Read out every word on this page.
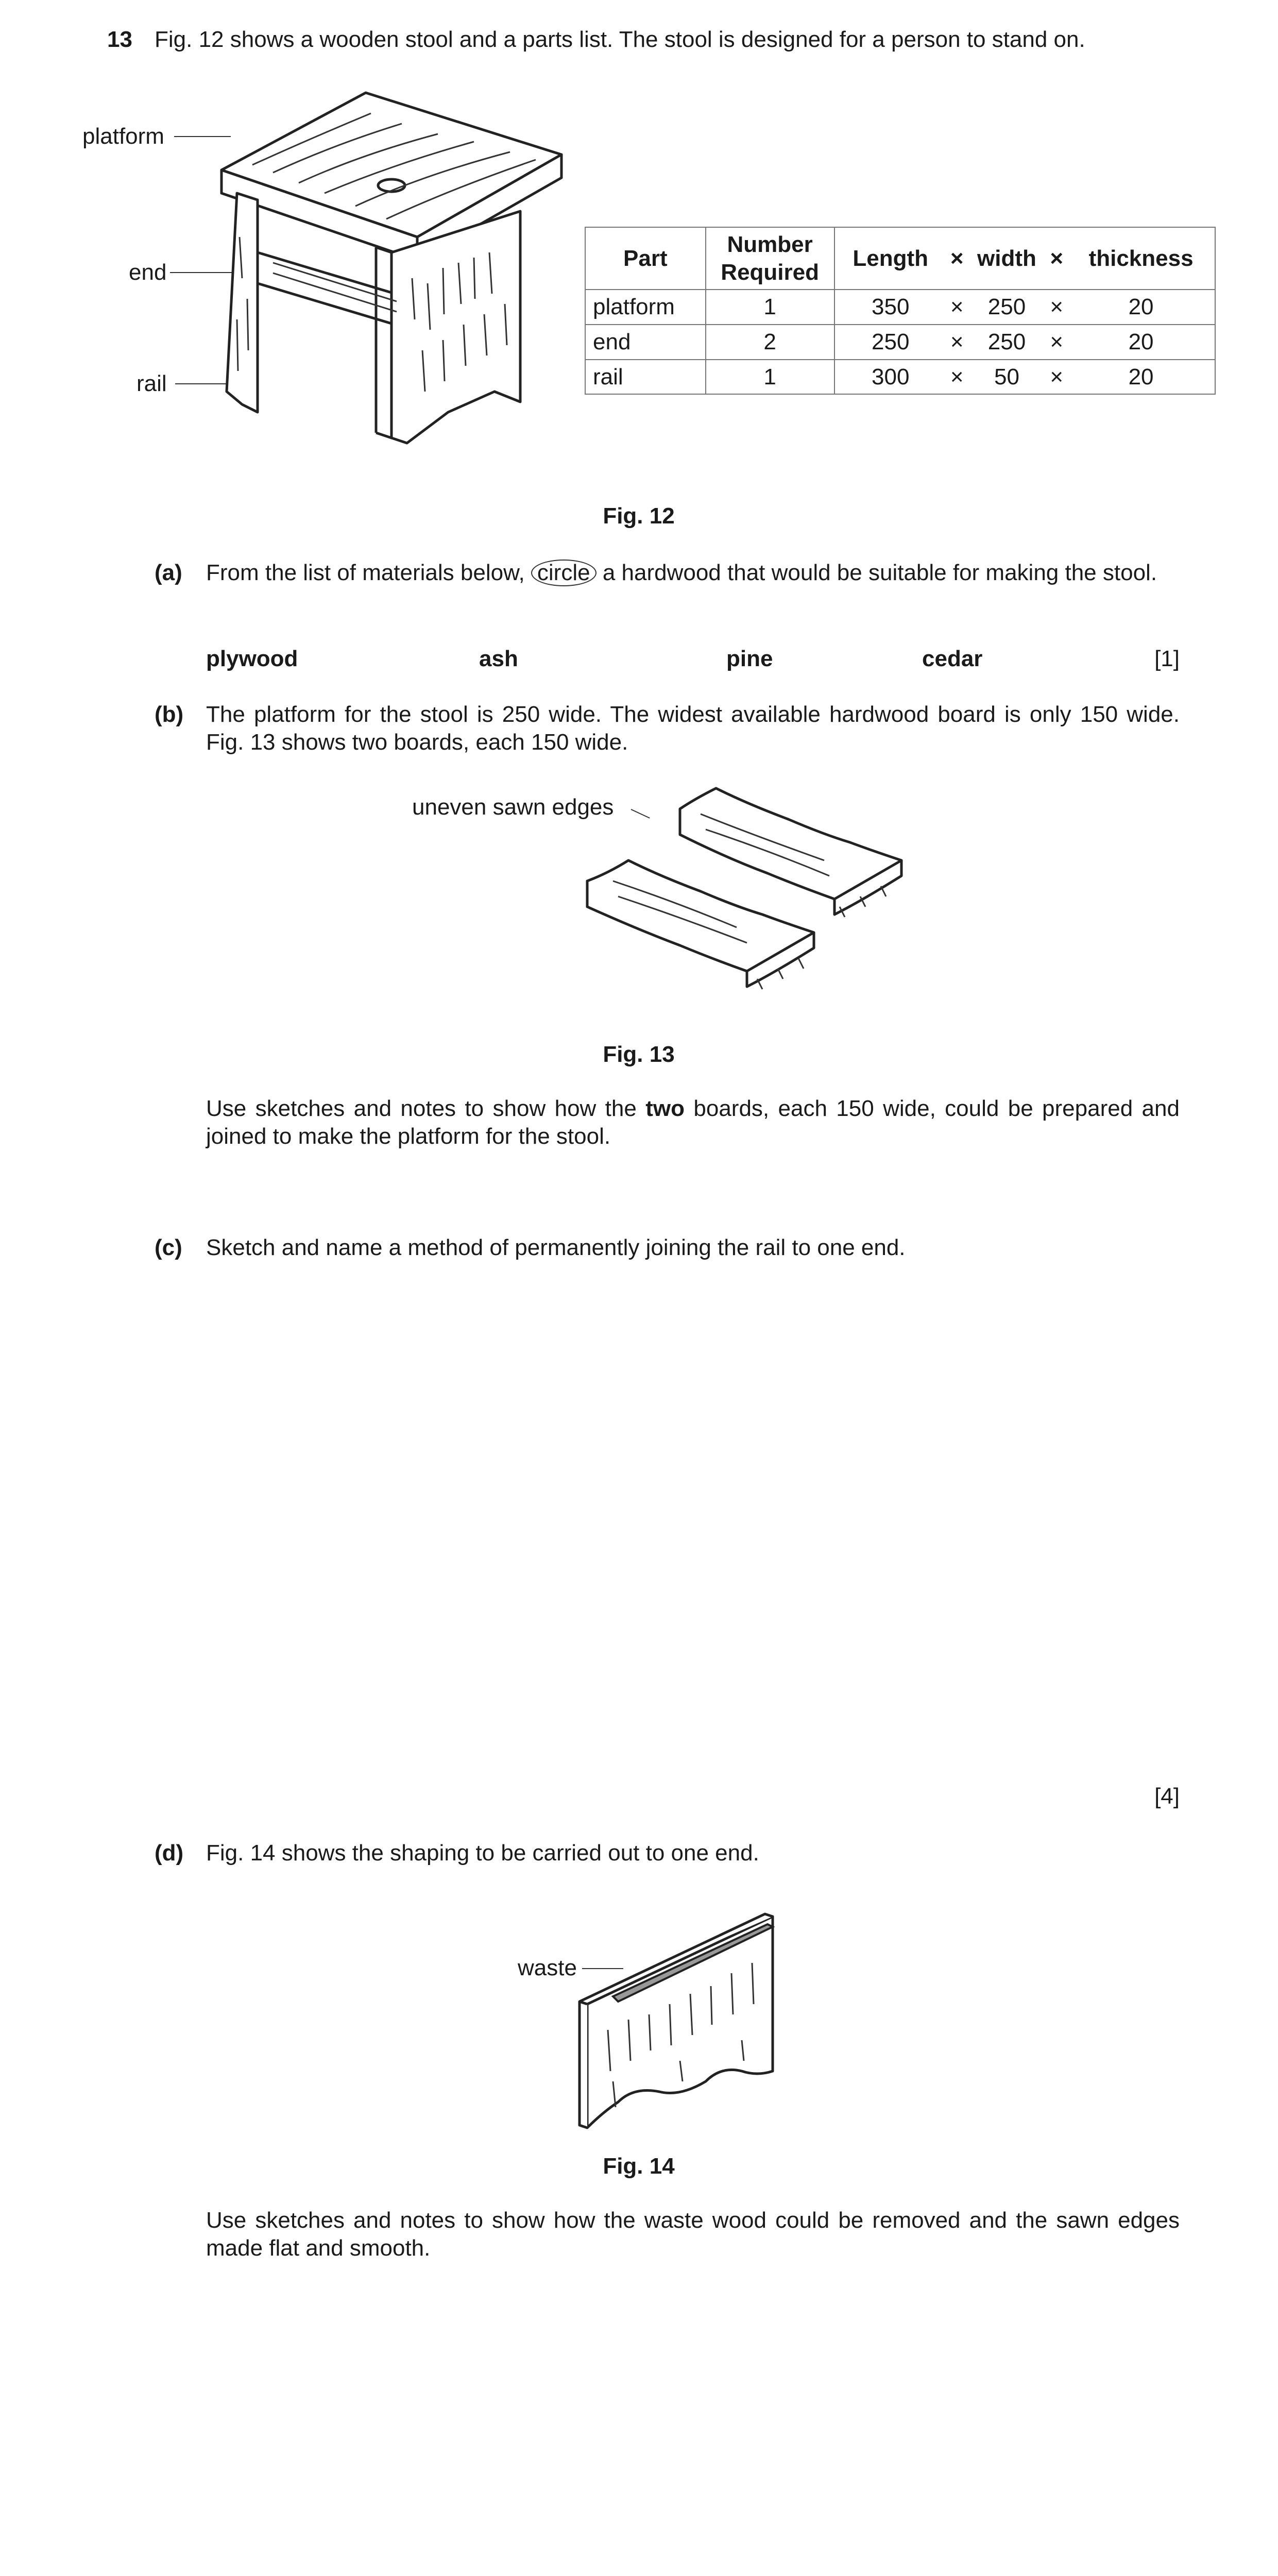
13 Fig. 12 shows a wooden stool and a parts list. The stool is designed for a person to stand on.
platform
end
rail
Part	Number Required	Length	×	width	×	thickness
platform	1	350	×	250	×	20
end	2	250	×	250	×	20
rail	1	300	×	50	×	20
Fig. 12
(a) From the list of materials below, circle a hardwood that would be suitable for making the stool.
plywood	ash	pine	cedar	[1]
(b) The platform for the stool is 250 wide. The widest available hardwood board is only 150 wide. Fig. 13 shows two boards, each 150 wide.
uneven sawn edges
Fig. 13
Use sketches and notes to show how the two boards, each 150 wide, could be prepared and joined to make the platform for the stool.
(c) Sketch and name a method of permanently joining the rail to one end.
[4]
(d) Fig. 14 shows the shaping to be carried out to one end.
waste
Fig. 14
Use sketches and notes to show how the waste wood could be removed and the sawn edges made flat and smooth.
